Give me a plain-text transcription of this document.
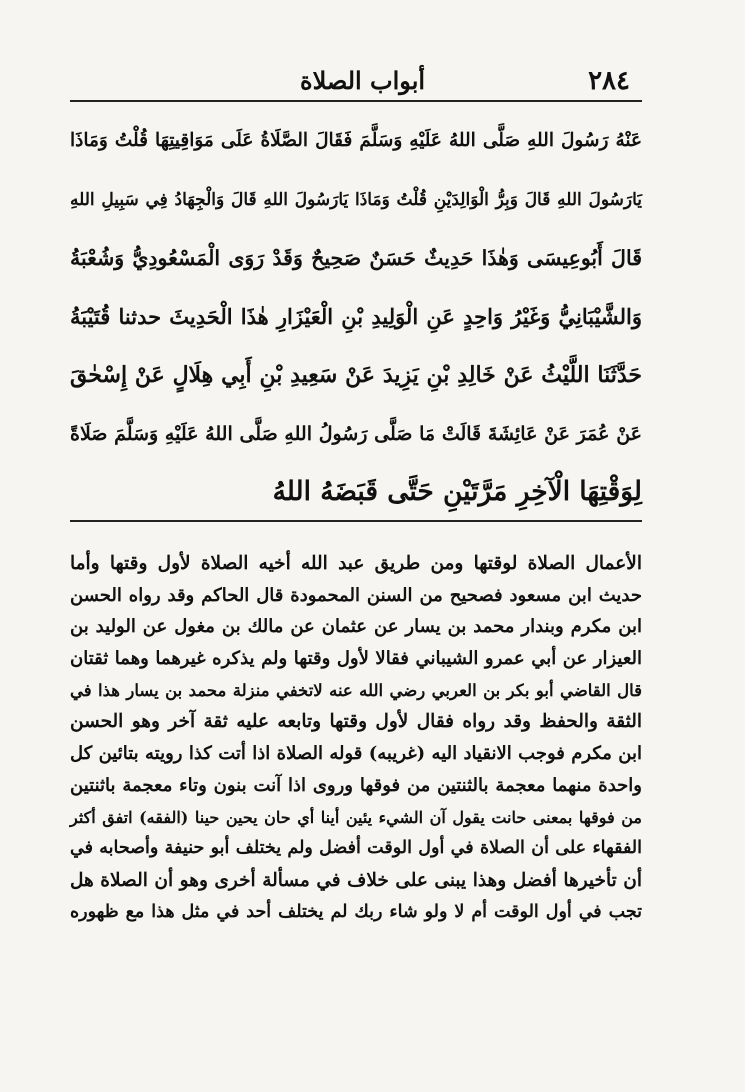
أبواب الصلاة	٢٨٤
عَنْهُ رَسُولَ اللهِ صَلَّى اللهُ عَلَيْهِ وَسَلَّمَ فَقَالَ الصَّلَاةُ عَلَى مَوَاقِيتِهَا قُلْتُ وَمَاذَا
يَارَسُولَ اللهِ قَالَ وَبِرُّ الْوَالِدَيْنِ قُلْتُ وَمَاذَا يَارَسُولَ اللهِ قَالَ وَالْجِهَادُ فِي سَبِيلِ اللهِ
قَالَ أَبُوعِيسَى وَهٰذَا حَدِيثٌ حَسَنٌ صَحِيحٌ وَقَدْ رَوَى الْمَسْعُودِيُّ وَشُعْبَةُ
وَالشَّيْبَانِيُّ وَغَيْرُ وَاحِدٍ عَنِ الْوَلِيدِ بْنِ الْعَيْزَارِ هٰذَا الْحَدِيثَ حدثنا قُتَيْبَةُ
حَدَّثَنَا اللَّيْثُ عَنْ خَالِدِ بْنِ يَزِيدَ عَنْ سَعِيدِ بْنِ أَبِي هِلَالٍ عَنْ إِسْحٰقَ
عَنْ عُمَرَ عَنْ عَائِشَةَ قَالَتْ مَا صَلَّى رَسُولُ اللهِ صَلَّى اللهُ عَلَيْهِ وَسَلَّمَ صَلَاةً
لِوَقْتِهَا الْآخِرِ مَرَّتَيْنِ حَتَّى قَبَضَهُ اللهُ
الأعمال الصلاة لوقتها ومن طريق عبد الله أخيه الصلاة لأول وقتها وأما
حديث ابن مسعود فصحيح من السنن المحمودة قال الحاكم وقد رواه الحسن
ابن مكرم وبندار محمد بن يسار عن عثمان عن مالك بن مغول عن الوليد بن
العيزار عن أبي عمرو الشيباني فقالا لأول وقتها ولم يذكره غيرهما وهما ثقتان
قال القاضي أبو بكر بن العربي رضي الله عنه لاتخفي منزلة محمد بن يسار هذا في
الثقة والحفظ وقد رواه فقال لأول وقتها وتابعه عليه ثقة آخر وهو الحسن
ابن مكرم فوجب الانقياد اليه (غريبه) قوله الصلاة اذا أتت كذا رويته بتائين كل
واحدة منهما معجمة بالثنتين من فوقها وروى اذا آنت بنون وتاء معجمة باثنتين
من فوقها بمعنى حانت يقول آن الشيء يئين أينا أي حان يحين حينا (الفقه) اتفق أكثر
الفقهاء على أن الصلاة في أول الوقت أفضل ولم يختلف أبو حنيفة وأصحابه في
أن تأخيرها أفضل وهذا يبنى على خلاف في مسألة أخرى وهو أن الصلاة هل
تجب في أول الوقت أم لا ولو شاء ربك لم يختلف أحد في مثل هذا مع ظهوره
